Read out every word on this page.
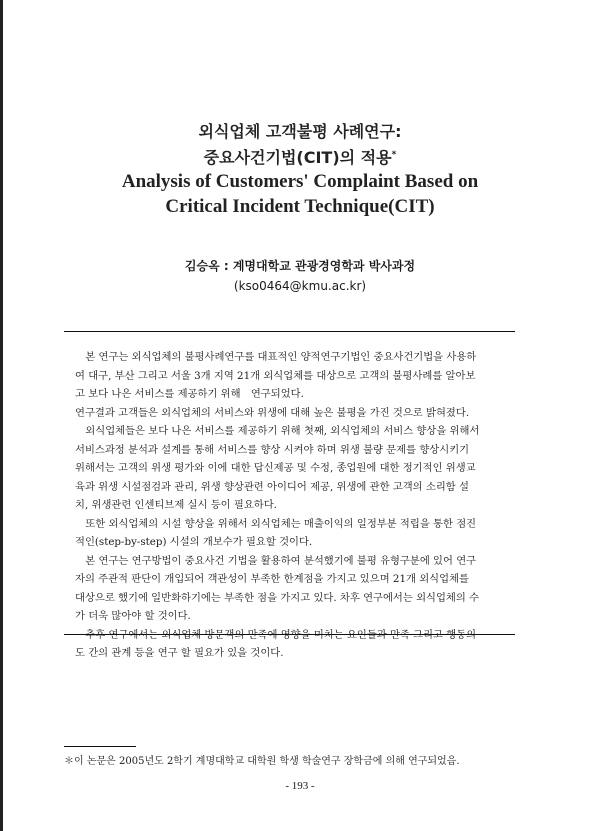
외식업체 고객불평 사례연구:
중요사건기법(CIT)의 적용*
Analysis of Customers' Complaint Based on
Critical Incident Technique(CIT)
김승옥 : 계명대학교 관광경영학과 박사과정
(kso0464@kmu.ac.kr)
　본 연구는 외식업체의 불평사례연구를 대표적인 양적연구기법인 중요사건기법을 사용하
여 대구, 부산 그리고 서울 3개 지역 21개 외식업체를 대상으로 고객의 불평사례를 알아보
고 보다 나은 서비스를 제공하기 위해　연구되었다.
연구결과 고객들은 외식업체의 서비스와 위생에 대해 높은 불평을 가진 것으로 밝혀졌다.
　외식업체들은 보다 나은 서비스를 제공하기 위해 첫째, 외식업체의 서비스 향상을 위해서
서비스과정 분석과 설계를 통해 서비스를 향상 시켜야 하며 위생 불량 문제를 향상시키기
위해서는 고객의 위생 평가와 이에 대한 답신제공 및 수정, 종업원에 대한 정기적인 위생교
육과 위생 시설점검과 관리, 위생 향상관련 아이디어 제공, 위생에 관한 고객의 소리함 설
치, 위생관련 인센티브제 실시 등이 필요하다.
　또한 외식업체의 시설 향상을 위해서 외식업체는 매출이익의 일정부분 적립을 통한 점진
적인(step-by-step) 시설의 개보수가 필요할 것이다.
　본 연구는 연구방법이 중요사건 기법을 활용하여 분석했기에 불평 유형구분에 있어 연구
자의 주관적 판단이 개입되어 객관성이 부족한 한계점을 가지고 있으며 21개 외식업체를
대상으로 했기에 일반화하기에는 부족한 점을 가지고 있다. 차후 연구에서는 외식업체의 수
가 더욱 많아야 할 것이다.
　추후 연구에서는 외식업체 방문객의 만족에 영향을 미치는 요인들과 만족 그리고 행동의
도 간의 관계 등을 연구 할 필요가 있을 것이다.
＊이 논문은 2005년도 2학기 계명대학교 대학원 학생 학술연구 장학금에 의해 연구되었음.
- 193 -
